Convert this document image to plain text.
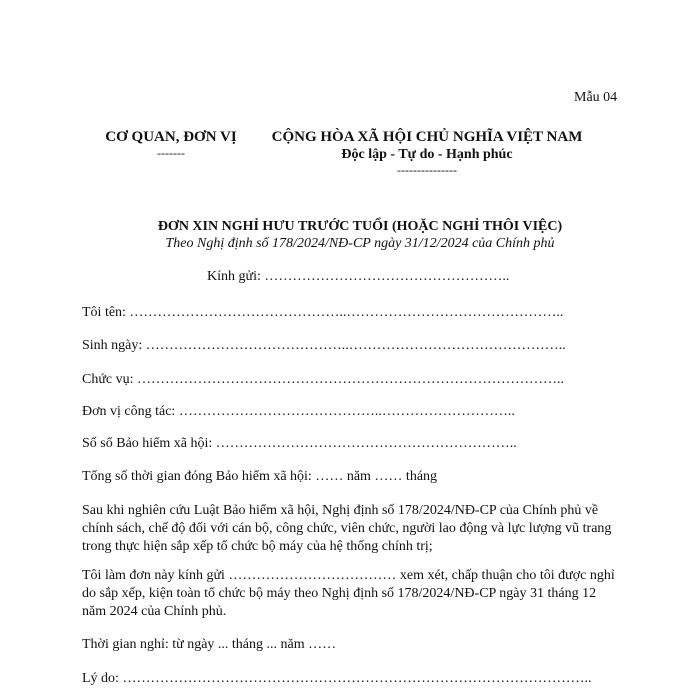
Mẫu 04
CƠ QUAN, ĐƠN VỊ
-------
CỘNG HÒA XÃ HỘI CHỦ NGHĨA VIỆT NAM
Độc lập - Tự do - Hạnh phúc
---------------
ĐƠN XIN NGHỈ HƯU TRƯỚC TUỔI (HOẶC NGHỈ THÔI VIỆC)
Theo Nghị định số 178/2024/NĐ-CP ngày 31/12/2024 của Chính phủ
Kính gửi: ……………………………………………..
Tôi tên: ………………………………………..………………………………………..
Sinh ngày: ……………………………………..………………………………………..
Chức vụ: ………………………………………………………………………………..
Đơn vị công tác: ……………………………………..………………………..
Số sổ Bảo hiểm xã hội: ………………………………………………………..
Tổng số thời gian đóng Bảo hiểm xã hội: …… năm …… tháng
Sau khi nghiên cứu Luật Bảo hiểm xã hội, Nghị định số 178/2024/NĐ-CP của Chính phủ về chính sách, chế độ đối với cán bộ, công chức, viên chức, người lao động và lực lượng vũ trang trong thực hiện sắp xếp tổ chức bộ máy của hệ thống chính trị;
Tôi làm đơn này kính gửi ……………………………… xem xét, chấp thuận cho tôi được nghỉ do sắp xếp, kiện toàn tổ chức bộ máy theo Nghị định số 178/2024/NĐ-CP ngày 31 tháng 12 năm 2024 của Chính phủ.
Thời gian nghỉ: từ ngày ... tháng ... năm ……
Lý do: ………………………………………………………………………………………..
